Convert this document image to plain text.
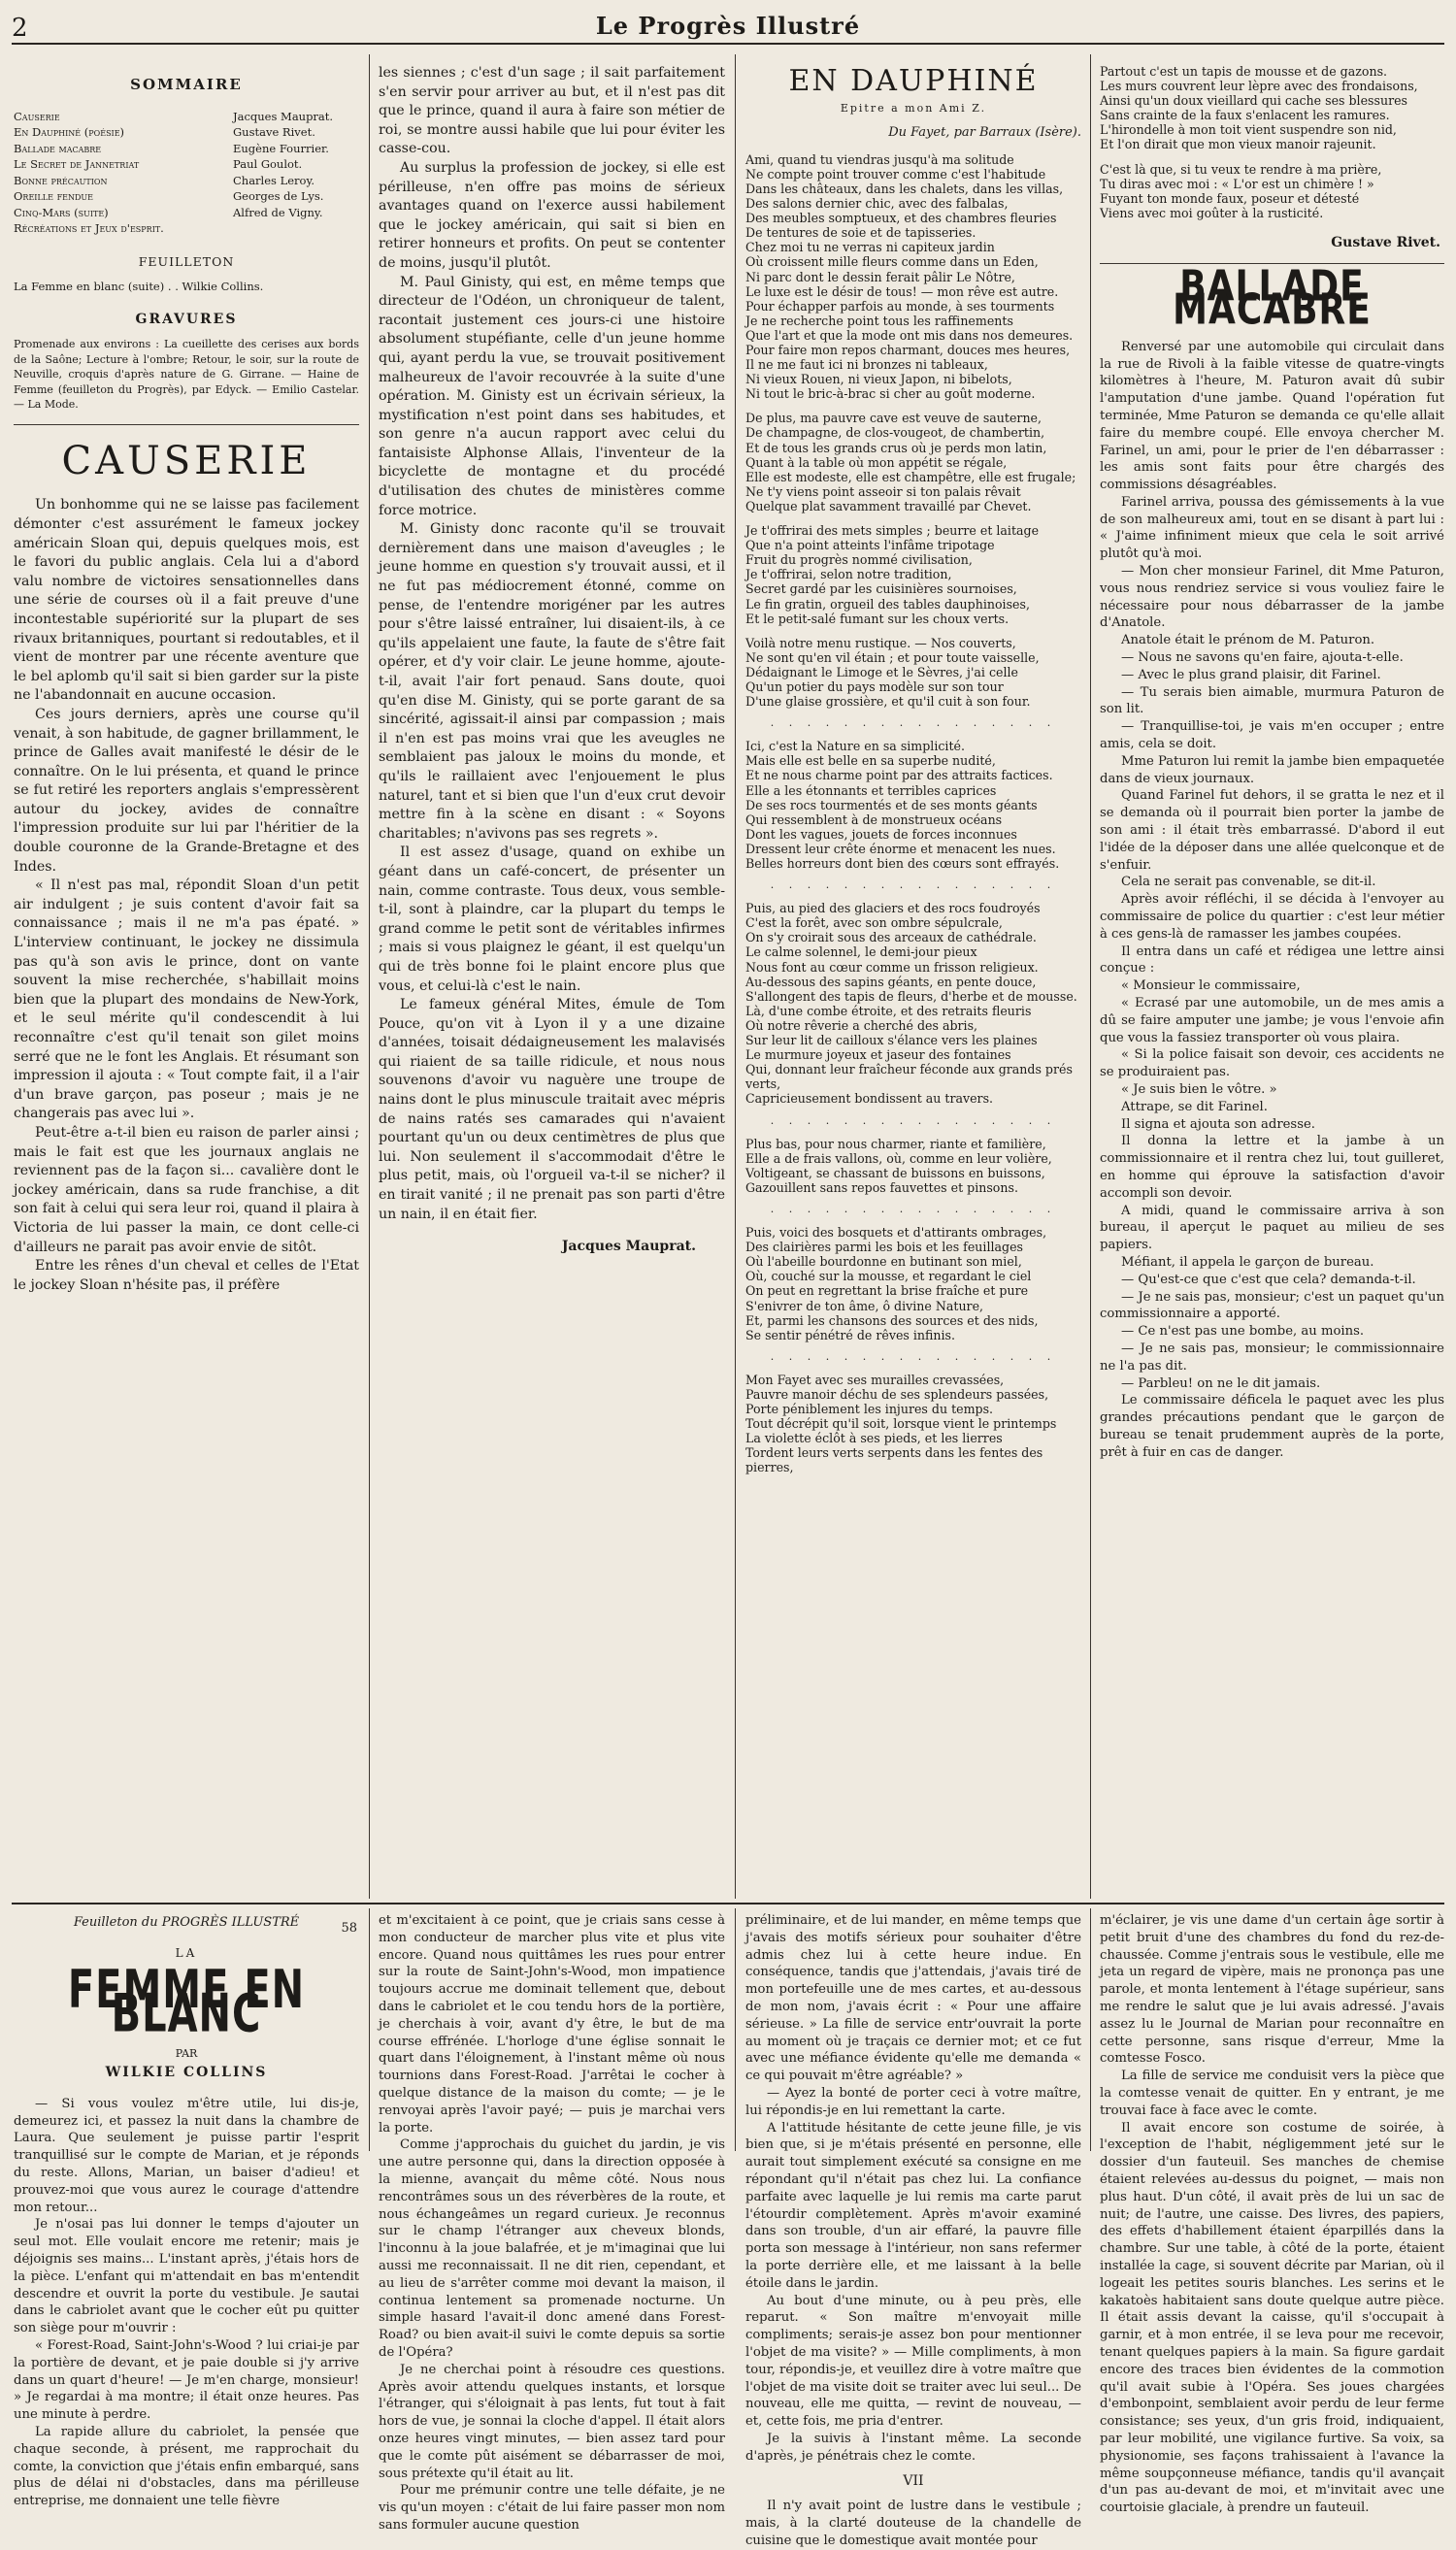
2	Le Progrès Illustré
SOMMAIRE
Causerie	Jacques Mauprat.
En Dauphiné (poésie)	Gustave Rivet.
Ballade macabre	Eugène Fourrier.
Le Secret de Jannetriat	Paul Goulot.
Bonne précaution	Charles Leroy.
Oreille fendue	Georges de Lys.
Cinq-Mars (suite)	Alfred de Vigny.
Récréations et Jeux d'esprit.
FEUILLETON
La Femme en blanc (suite) . . Wilkie Collins.
GRAVURES
Promenade aux environs : La cueillette des cerises aux bords de la Saône; Lecture à l'ombre; Retour, le soir, sur la route de Neuville, croquis d'après nature de G. Girrane. — Haine de Femme (feuilleton du Progrès), par Edyck. — Emilio Castelar. — La Mode.
CAUSERIE

Un bonhomme qui ne se laisse pas facilement démonter c'est assurément le fameux jockey américain Sloan qui, depuis quelques mois, est le favori du public anglais. Cela lui a d'abord valu nombre de victoires sensationnelles dans une série de courses où il a fait preuve d'une incontestable supériorité sur la plupart de ses rivaux britanniques, pourtant si redoutables, et il vient de montrer par une récente aventure que le bel aplomb qu'il sait si bien garder sur la piste ne l'abandonnait en aucune occasion.

Ces jours derniers, après une course qu'il venait, à son habitude, de gagner brillamment, le prince de Galles avait manifesté le désir de le connaître. On le lui présenta, et quand le prince se fut retiré les reporters anglais s'empressèrent autour du jockey, avides de connaître l'impression produite sur lui par l'héritier de la double couronne de la Grande-Bretagne et des Indes.

« Il n'est pas mal, répondit Sloan d'un petit air indulgent ; je suis content d'avoir fait sa connaissance ; mais il ne m'a pas épaté. » L'interview continuant, le jockey ne dissimula pas qu'à son avis le prince, dont on vante souvent la mise recherchée, s'habillait moins bien que la plupart des mondains de New-York, et le seul mérite qu'il condescendit à lui reconnaître c'est qu'il tenait son gilet moins serré que ne le font les Anglais. Et résumant son impression il ajouta : « Tout compte fait, il a l'air d'un brave garçon, pas poseur ; mais je ne changerais pas avec lui ».

Peut-être a-t-il bien eu raison de parler ainsi ; mais le fait est que les journaux anglais ne reviennent pas de la façon si... cavalière dont le jockey américain, dans sa rude franchise, a dit son fait à celui qui sera leur roi, quand il plaira à Victoria de lui passer la main, ce dont celle-ci d'ailleurs ne parait pas avoir envie de sitôt.

Entre les rênes d'un cheval et celles de l'Etat le jockey Sloan n'hésite pas, il préfère

les siennes ; c'est d'un sage ; il sait parfaitement s'en servir pour arriver au but, et il n'est pas dit que le prince, quand il aura à faire son métier de roi, se montre aussi habile que lui pour éviter les casse-cou.

Au surplus la profession de jockey, si elle est périlleuse, n'en offre pas moins de sérieux avantages quand on l'exerce aussi habilement que le jockey américain, qui sait si bien en retirer honneurs et profits. On peut se contenter de moins, jusqu'il plutôt.

M. Paul Ginisty, qui est, en même temps que directeur de l'Odéon, un chroniqueur de talent, racontait justement ces jours-ci une histoire absolument stupéfiante, celle d'un jeune homme qui, ayant perdu la vue, se trouvait positivement malheureux de l'avoir recouvrée à la suite d'une opération. M. Ginisty est un écrivain sérieux, la mystification n'est point dans ses habitudes, et son genre n'a aucun rapport avec celui du fantaisiste Alphonse Allais, l'inventeur de la bicyclette de montagne et du procédé d'utilisation des chutes de ministères comme force motrice.

M. Ginisty donc raconte qu'il se trouvait dernièrement dans une maison d'aveugles ; le jeune homme en question s'y trouvait aussi, et il ne fut pas médiocrement étonné, comme on pense, de l'entendre morigéner par les autres pour s'être laissé entraîner, lui disaient-ils, à ce qu'ils appelaient une faute, la faute de s'être fait opérer, et d'y voir clair. Le jeune homme, ajoute-t-il, avait l'air fort penaud. Sans doute, quoi qu'en dise M. Ginisty, qui se porte garant de sa sincérité, agissait-il ainsi par compassion ; mais il n'en est pas moins vrai que les aveugles ne semblaient pas jaloux le moins du monde, et qu'ils le raillaient avec l'enjouement le plus naturel, tant et si bien que l'un d'eux crut devoir mettre fin à la scène en disant : « Soyons charitables; n'avivons pas ses regrets ».

Il est assez d'usage, quand on exhibe un géant dans un café-concert, de présenter un nain, comme contraste. Tous deux, vous semble-t-il, sont à plaindre, car la plupart du temps le grand comme le petit sont de véritables infirmes ; mais si vous plaignez le géant, il est quelqu'un qui de très bonne foi le plaint encore plus que vous, et celui-là c'est le nain.

Le fameux général Mites, émule de Tom Pouce, qu'on vit à Lyon il y a une dizaine d'années, toisait dédaigneusement les malavisés qui riaient de sa taille ridicule, et nous nous souvenons d'avoir vu naguère une troupe de nains dont le plus minuscule traitait avec mépris de nains ratés ses camarades qui n'avaient pourtant qu'un ou deux centimètres de plus que lui. Non seulement il s'accommodait d'être le plus petit, mais, où l'orgueil va-t-il se nicher? il en tirait vanité ; il ne prenait pas son parti d'être un nain, il en était fier.

Jacques Mauprat.
EN DAUPHINÉ
Epitre a mon Ami Z.
Du Fayet, par Barraux (Isère).
Ami, quand tu viendras jusqu'à ma solitude
Ne compte point trouver comme c'est l'habitude
Dans les châteaux, dans les chalets, dans les villas,
Des salons dernier chic, avec des falbalas,
Des meubles somptueux, et des chambres fleuries
De tentures de soie et de tapisseries.
Chez moi tu ne verras ni capiteux jardin
Où croissent mille fleurs comme dans un Eden,
Ni parc dont le dessin ferait pâlir Le Nôtre,
Le luxe est le désir de tous! — mon rêve est autre.
Pour échapper parfois au monde, à ses tourments
Je ne recherche point tous les raffinements
Que l'art et que la mode ont mis dans nos demeures.
Pour faire mon repos charmant, douces mes heures,
Il ne me faut ici ni bronzes ni tableaux,
Ni vieux Rouen, ni vieux Japon, ni bibelots,
Ni tout le bric-à-brac si cher au goût moderne.
De plus, ma pauvre cave est veuve de sauterne,
De champagne, de clos-vougeot, de chambertin,
Et de tous les grands crus où je perds mon latin,
Quant à la table où mon appétit se régale,
Elle est modeste, elle est champêtre, elle est frugale;
Ne t'y viens point asseoir si ton palais rêvait
Quelque plat savamment travaillé par Chevet.
Je t'offrirai des mets simples ; beurre et laitage
Que n'a point atteints l'infâme tripotage
Fruit du progrès nommé civilisation,
Je t'offrirai, selon notre tradition,
Secret gardé par les cuisinières sournoises,
Le fin gratin, orgueil des tables dauphinoises,
Et le petit-salé fumant sur les choux verts.
Voilà notre menu rustique. — Nos couverts,
Ne sont qu'en vil étain ; et pour toute vaisselle,
Dédaignant le Limoge et le Sèvres, j'ai celle
Qu'un potier du pays modèle sur son tour
D'une glaise grossière, et qu'il cuit à son four.
· · · · · · · · · · · · · · · ·
Ici, c'est la Nature en sa simplicité.
Mais elle est belle en sa superbe nudité,
Et ne nous charme point par des attraits factices.
Elle a les étonnants et terribles caprices
De ses rocs tourmentés et de ses monts géants
Qui ressemblent à de monstrueux océans
Dont les vagues, jouets de forces inconnues
Dressent leur crête énorme et menacent les nues.
Belles horreurs dont bien des cœurs sont effrayés.
· · · · · · · · · · · · · · · ·
Puis, au pied des glaciers et des rocs foudroyés
C'est la forêt, avec son ombre sépulcrale,
On s'y croirait sous des arceaux de cathédrale.
Le calme solennel, le demi-jour pieux
Nous font au cœur comme un frisson religieux.
Au-dessous des sapins géants, en pente douce,
S'allongent des tapis de fleurs, d'herbe et de mousse.
Là, d'une combe étroite, et des retraits fleuris
Où notre rêverie a cherché des abris,
Sur leur lit de cailloux s'élance vers les plaines
Le murmure joyeux et jaseur des fontaines
Qui, donnant leur fraîcheur féconde aux grands prés verts,
Capricieusement bondissent au travers.
· · · · · · · · · · · · · · · ·
Plus bas, pour nous charmer, riante et familière,
Elle a de frais vallons, où, comme en leur volière,
Voltigeant, se chassant de buissons en buissons,
Gazouillent sans repos fauvettes et pinsons.
· · · · · · · · · · · · · · · ·
Puis, voici des bosquets et d'attirants ombrages,
Des clairières parmi les bois et les feuillages
Où l'abeille bourdonne en butinant son miel,
Où, couché sur la mousse, et regardant le ciel
On peut en regrettant la brise fraîche et pure
S'enivrer de ton âme, ô divine Nature,
Et, parmi les chansons des sources et des nids,
Se sentir pénétré de rêves infinis.
· · · · · · · · · · · · · · · ·
Mon Fayet avec ses murailles crevassées,
Pauvre manoir déchu de ses splendeurs passées,
Porte péniblement les injures du temps.
Tout décrépit qu'il soit, lorsque vient le printemps
La violette éclôt à ses pieds, et les lierres
Tordent leurs verts serpents dans les fentes des pierres,
Partout c'est un tapis de mousse et de gazons.
Les murs couvrent leur lèpre avec des frondaisons,
Ainsi qu'un doux vieillard qui cache ses blessures
Sans crainte de la faux s'enlacent les ramures.
L'hirondelle à mon toit vient suspendre son nid,
Et l'on dirait que mon vieux manoir rajeunit.
C'est là que, si tu veux te rendre à ma prière,
Tu diras avec moi : « L'or est un chimère ! »
Fuyant ton monde faux, poseur et détesté
Viens avec moi goûter à la rusticité.
Gustave Rivet.
BALLADE MACABRE

Renversé par une automobile qui circulait dans la rue de Rivoli à la faible vitesse de quatre-vingts kilomètres à l'heure, M. Paturon avait dû subir l'amputation d'une jambe. Quand l'opération fut terminée, Mme Paturon se demanda ce qu'elle allait faire du membre coupé. Elle envoya chercher M. Farinel, un ami, pour le prier de l'en débarrasser : les amis sont faits pour être chargés des commissions désagréables.

Farinel arriva, poussa des gémissements à la vue de son malheureux ami, tout en se disant à part lui : « J'aime infiniment mieux que cela le soit arrivé plutôt qu'à moi.

— Mon cher monsieur Farinel, dit Mme Paturon, vous nous rendriez service si vous vouliez faire le nécessaire pour nous débarrasser de la jambe d'Anatole.

Anatole était le prénom de M. Paturon.

— Nous ne savons qu'en faire, ajouta-t-elle.

— Avec le plus grand plaisir, dit Farinel.

— Tu serais bien aimable, murmura Paturon de son lit.

— Tranquillise-toi, je vais m'en occuper ; entre amis, cela se doit.

Mme Paturon lui remit la jambe bien empaquetée dans de vieux journaux.

Quand Farinel fut dehors, il se gratta le nez et il se demanda où il pourrait bien porter la jambe de son ami : il était très embarrassé. D'abord il eut l'idée de la déposer dans une allée quelconque et de s'enfuir.

Cela ne serait pas convenable, se dit-il.

Après avoir réfléchi, il se décida à l'envoyer au commissaire de police du quartier : c'est leur métier à ces gens-là de ramasser les jambes coupées.

Il entra dans un café et rédigea une lettre ainsi conçue :

« Monsieur le commissaire,

« Ecrasé par une automobile, un de mes amis a dû se faire amputer une jambe; je vous l'envoie afin que vous la fassiez transporter où vous plaira.

« Si la police faisait son devoir, ces accidents ne se produiraient pas.

« Je suis bien le vôtre. »

Attrape, se dit Farinel.

Il signa et ajouta son adresse.

Il donna la lettre et la jambe à un commissionnaire et il rentra chez lui, tout guilleret, en homme qui éprouve la satisfaction d'avoir accompli son devoir.

A midi, quand le commissaire arriva à son bureau, il aperçut le paquet au milieu de ses papiers.

Méfiant, il appela le garçon de bureau.

— Qu'est-ce que c'est que cela? demanda-t-il.

— Je ne sais pas, monsieur; c'est un paquet qu'un commissionnaire a apporté.

— Ce n'est pas une bombe, au moins.

— Je ne sais pas, monsieur; le commissionnaire ne l'a pas dit.

— Parbleu! on ne le dit jamais.

Le commissaire déficela le paquet avec les plus grandes précautions pendant que le garçon de bureau se tenait prudemment auprès de la porte, prêt à fuir en cas de danger.

Feuilleton du PROGRÈS ILLUSTRÉ	58
LA
FEMME EN BLANC
PAR
WILKIE COLLINS

— Si vous voulez m'être utile, lui dis-je, demeurez ici, et passez la nuit dans la chambre de Laura. Que seulement je puisse partir l'esprit tranquillisé sur le compte de Marian, et je réponds du reste. Allons, Marian, un baiser d'adieu! et prouvez-moi que vous aurez le courage d'attendre mon retour...

Je n'osai pas lui donner le temps d'ajouter un seul mot. Elle voulait encore me retenir; mais je déjoignis ses mains... L'instant après, j'étais hors de la pièce. L'enfant qui m'attendait en bas m'entendit descendre et ouvrit la porte du vestibule. Je sautai dans le cabriolet avant que le cocher eût pu quitter son siège pour m'ouvrir :

« Forest-Road, Saint-John's-Wood ? lui criai-je par la portière de devant, et je paie double si j'y arrive dans un quart d'heure! — Je m'en charge, monsieur! » Je regardai à ma montre; il était onze heures. Pas une minute à perdre.

La rapide allure du cabriolet, la pensée que chaque seconde, à présent, me rapprochait du comte, la conviction que j'étais enfin embarqué, sans plus de délai ni d'obstacles, dans ma périlleuse entreprise, me donnaient une telle fièvre

et m'excitaient à ce point, que je criais sans cesse à mon conducteur de marcher plus vite et plus vite encore. Quand nous quittâmes les rues pour entrer sur la route de Saint-John's-Wood, mon impatience toujours accrue me dominait tellement que, debout dans le cabriolet et le cou tendu hors de la portière, je cherchais à voir, avant d'y être, le but de ma course effrénée. L'horloge d'une église sonnait le quart dans l'éloignement, à l'instant même où nous tournions dans Forest-Road. J'arrêtai le cocher à quelque distance de la maison du comte; — je le renvoyai après l'avoir payé; — puis je marchai vers la porte.

Comme j'approchais du guichet du jardin, je vis une autre personne qui, dans la direction opposée à la mienne, avançait du même côté. Nous nous rencontrâmes sous un des réverbères de la route, et nous échangeâmes un regard curieux. Je reconnus sur le champ l'étranger aux cheveux blonds, l'inconnu à la joue balafrée, et je m'imaginai que lui aussi me reconnaissait. Il ne dit rien, cependant, et au lieu de s'arrêter comme moi devant la maison, il continua lentement sa promenade nocturne. Un simple hasard l'avait-il donc amené dans Forest-Road? ou bien avait-il suivi le comte depuis sa sortie de l'Opéra?

Je ne cherchai point à résoudre ces questions. Après avoir attendu quelques instants, et lorsque l'étranger, qui s'éloignait à pas lents, fut tout à fait hors de vue, je sonnai la cloche d'appel. Il était alors onze heures vingt minutes, — bien assez tard pour que le comte pût aisément se débarrasser de moi, sous prétexte qu'il était au lit.

Pour me prémunir contre une telle défaite, je ne vis qu'un moyen : c'était de lui faire passer mon nom sans formuler aucune question

préliminaire, et de lui mander, en même temps que j'avais des motifs sérieux pour souhaiter d'être admis chez lui à cette heure indue. En conséquence, tandis que j'attendais, j'avais tiré de mon portefeuille une de mes cartes, et au-dessous de mon nom, j'avais écrit : « Pour une affaire sérieuse. » La fille de service entr'ouvrait la porte au moment où je traçais ce dernier mot; et ce fut avec une méfiance évidente qu'elle me demanda « ce qui pouvait m'être agréable? »

— Ayez la bonté de porter ceci à votre maître, lui répondis-je en lui remettant la carte.

A l'attitude hésitante de cette jeune fille, je vis bien que, si je m'étais présenté en personne, elle aurait tout simplement exécuté sa consigne en me répondant qu'il n'était pas chez lui. La confiance parfaite avec laquelle je lui remis ma carte parut l'étourdir complètement. Après m'avoir examiné dans son trouble, d'un air effaré, la pauvre fille porta son message à l'intérieur, non sans refermer la porte derrière elle, et me laissant à la belle étoile dans le jardin.

Au bout d'une minute, ou à peu près, elle reparut. « Son maître m'envoyait mille compliments; serais-je assez bon pour mentionner l'objet de ma visite? » — Mille compliments, à mon tour, répondis-je, et veuillez dire à votre maître que l'objet de ma visite doit se traiter avec lui seul... De nouveau, elle me quitta, — revint de nouveau, — et, cette fois, me pria d'entrer.

Je la suivis à l'instant même. La seconde d'après, je pénétrais chez le comte.

VII

Il n'y avait point de lustre dans le vestibule ; mais, à la clarté douteuse de la chandelle de cuisine que le domestique avait montée pour

m'éclairer, je vis une dame d'un certain âge sortir à petit bruit d'une des chambres du fond du rez-de-chaussée. Comme j'entrais sous le vestibule, elle me jeta un regard de vipère, mais ne prononça pas une parole, et monta lentement à l'étage supérieur, sans me rendre le salut que je lui avais adressé. J'avais assez lu le Journal de Marian pour reconnaître en cette personne, sans risque d'erreur, Mme la comtesse Fosco.

La fille de service me conduisit vers la pièce que la comtesse venait de quitter. En y entrant, je me trouvai face à face avec le comte.

Il avait encore son costume de soirée, à l'exception de l'habit, négligemment jeté sur le dossier d'un fauteuil. Ses manches de chemise étaient relevées au-dessus du poignet, — mais non plus haut. D'un côté, il avait près de lui un sac de nuit; de l'autre, une caisse. Des livres, des papiers, des effets d'habillement étaient éparpillés dans la chambre. Sur une table, à côté de la porte, étaient installée la cage, si souvent décrite par Marian, où il logeait les petites souris blanches. Les serins et le kakatoès habitaient sans doute quelque autre pièce. Il était assis devant la caisse, qu'il s'occupait à garnir, et à mon entrée, il se leva pour me recevoir, tenant quelques papiers à la main. Sa figure gardait encore des traces bien évidentes de la commotion qu'il avait subie à l'Opéra. Ses joues chargées d'embonpoint, semblaient avoir perdu de leur ferme consistance; ses yeux, d'un gris froid, indiquaient, par leur mobilité, une vigilance furtive. Sa voix, sa physionomie, ses façons trahissaient à l'avance la même soupçonneuse méfiance, tandis qu'il avançait d'un pas au-devant de moi, et m'invitait avec une courtoisie glaciale, à prendre un fauteuil.
